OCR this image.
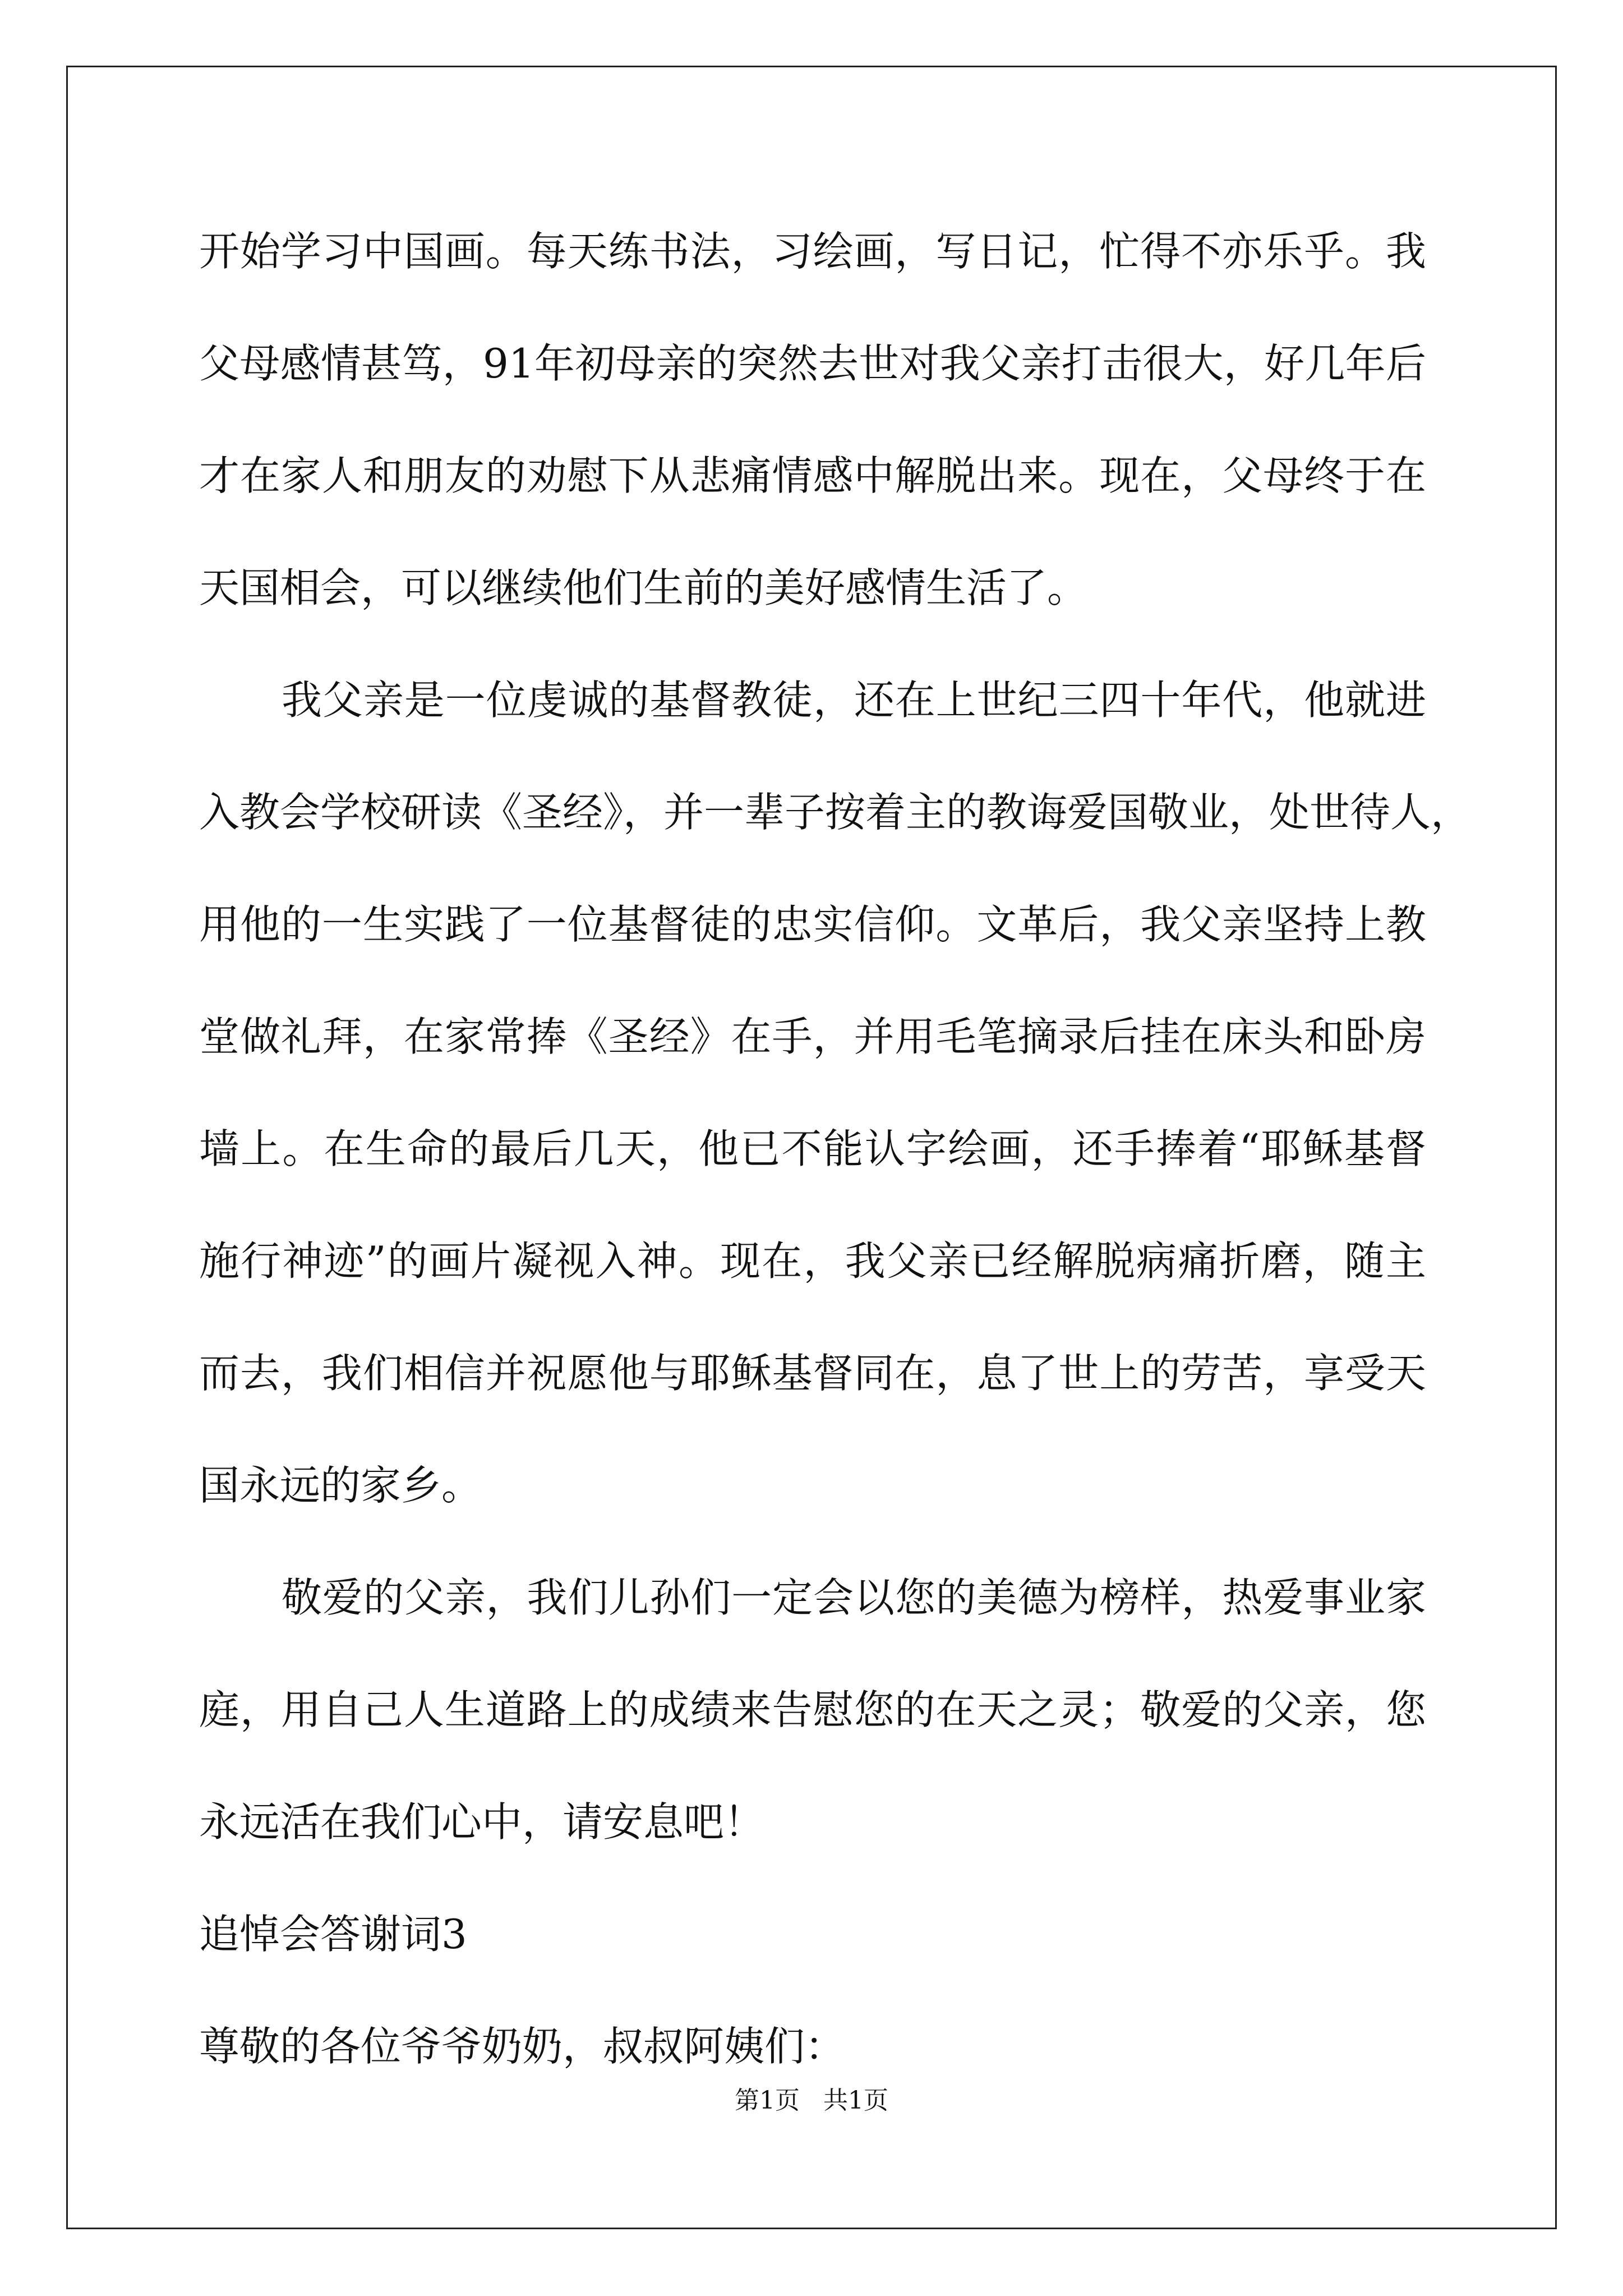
开始学习中国画。每天练书法，习绘画，写日记，忙得不亦乐乎。我
父母感情甚笃，91年初母亲的突然去世对我父亲打击很大，好几年后
才在家人和朋友的劝慰下从悲痛情感中解脱出来。现在，父母终于在
天国相会，可以继续他们生前的美好感情生活了。
我父亲是一位虔诚的基督教徒，还在上世纪三四十年代，他就进
入教会学校研读《圣经》，并一辈子按着主的教诲爱国敬业，处世待人，
用他的一生实践了一位基督徒的忠实信仰。文革后，我父亲坚持上教
堂做礼拜，在家常捧《圣经》在手，并用毛笔摘录后挂在床头和卧房
墙上。在生命的最后几天，他已不能认字绘画，还手捧着“耶稣基督
施行神迹”的画片凝视入神。现在，我父亲已经解脱病痛折磨，随主
而去，我们相信并祝愿他与耶稣基督同在，息了世上的劳苦，享受天
国永远的家乡。
敬爱的父亲，我们儿孙们一定会以您的美德为榜样，热爱事业家
庭，用自己人生道路上的成绩来告慰您的在天之灵；敬爱的父亲，您
永远活在我们心中，请安息吧！
追悼会答谢词3
尊敬的各位爷爷奶奶，叔叔阿姨们：
第1页   共1页
